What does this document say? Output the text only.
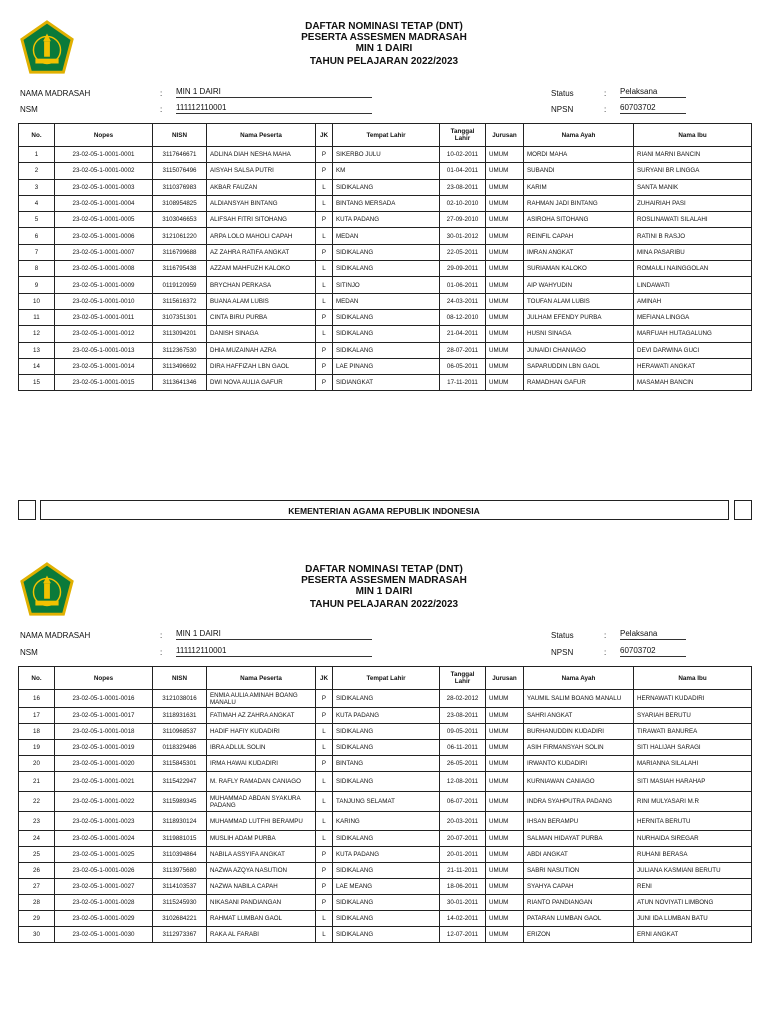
DAFTAR NOMINASI TETAP (DNT)
PESERTA ASSESMEN MADRASAH
MIN 1 DAIRI
TAHUN PELAJARAN 2022/2023
NAMA MADRASAH	: MIN 1 DAIRI
NSM	: 111112110001
Status	: Pelaksana
NPSN	: 60703702
No.	Nopes	NISN	Nama Peserta	JK	Tempat Lahir	Tanggal Lahir	Jurusan	Nama Ayah	Nama Ibu
1	23-02-05-1-0001-0001	3117646671	ADLINA DIAH NESHA MAHA	P	SIKERBO JULU	10-02-2011	UMUM	MORDI MAHA	RIANI MARNI BANCIN
2	23-02-05-1-0001-0002	3115076496	AISYAH SALSA PUTRI	P	KM	01-04-2011	UMUM	SUBANDI	SURYANI BR LINGGA
3	23-02-05-1-0001-0003	3110376983	AKBAR FAUZAN	L	SIDIKALANG	23-08-2011	UMUM	KARIM	SANTA MANIK
4	23-02-05-1-0001-0004	3108954825	ALDIANSYAH BINTANG	L	BINTANG MERSADA	02-10-2010	UMUM	RAHMAN JADI BINTANG	ZUHAIRIAH PASI
5	23-02-05-1-0001-0005	3103046653	ALIFSAH FITRI SITOHANG	P	KUTA PADANG	27-09-2010	UMUM	ASIROHA SITOHANG	ROSLINAWATI SILALAHI
6	23-02-05-1-0001-0006	3121061220	ARPA LOLO MAHOLI CAPAH	L	MEDAN	30-01-2012	UMUM	REINFIL CAPAH	RATINI B RASJO
7	23-02-05-1-0001-0007	3116799688	AZ ZAHRA RATIFA ANGKAT	P	SIDIKALANG	22-05-2011	UMUM	IMRAN ANGKAT	MINA PASARIBU
8	23-02-05-1-0001-0008	3116795438	AZZAM MAHFUZH KALOKO	L	SIDIKALANG	29-09-2011	UMUM	SURIAMAN KALOKO	ROMAULI NAINGGOLAN
9	23-02-05-1-0001-0009	0119120959	BRYCHAN PERKASA	L	SITINJO	01-06-2011	UMUM	AIP WAHYUDIN	LINDAWATI
10	23-02-05-1-0001-0010	3115616372	BUANA ALAM LUBIS	L	MEDAN	24-03-2011	UMUM	TOUFAN ALAM LUBIS	AMINAH
11	23-02-05-1-0001-0011	3107351301	CINTA BIRU PURBA	P	SIDIKALANG	08-12-2010	UMUM	JULHAM EFENDY PURBA	MEFIANA LINGGA
12	23-02-05-1-0001-0012	3113094201	DANISH SINAGA	L	SIDIKALANG	21-04-2011	UMUM	HUSNI SINAGA	MARFUAH HUTAGALUNG
13	23-02-05-1-0001-0013	3112367530	DHIA MUZAINAH AZRA	P	SIDIKALANG	28-07-2011	UMUM	JUNAIDI CHANIAGO	DEVI DARWINA GUCI
14	23-02-05-1-0001-0014	3113496692	DIRA HAFFIZAH LBN GAOL	P	LAE PINANG	06-05-2011	UMUM	SAPARUDDIN LBN GAOL	HERAWATI ANGKAT
15	23-02-05-1-0001-0015	3113641346	DWI NOVA AULIA GAFUR	P	SIDIANGKAT	17-11-2011	UMUM	RAMADHAN GAFUR	MASAMAH BANCIN
KEMENTERIAN AGAMA REPUBLIK INDONESIA
DAFTAR NOMINASI TETAP (DNT)
PESERTA ASSESMEN MADRASAH
MIN 1 DAIRI
TAHUN PELAJARAN 2022/2023
NAMA MADRASAH	: MIN 1 DAIRI
NSM	: 111112110001
Status	: Pelaksana
NPSN	: 60703702
No.	Nopes	NISN	Nama Peserta	JK	Tempat Lahir	Tanggal Lahir	Jurusan	Nama Ayah	Nama Ibu
16	23-02-05-1-0001-0016	3121038016	ENMIA AULIA AMINAH BOANG MANALU	P	SIDIKALANG	28-02-2012	UMUM	YAUMIL SALIM BOANG MANALU	HERNAWATI KUDADIRI
17	23-02-05-1-0001-0017	3118931631	FATIMAH AZ ZAHRA ANGKAT	P	KUTA PADANG	23-08-2011	UMUM	SAHRI ANGKAT	SYARIAH BERUTU
18	23-02-05-1-0001-0018	3110968537	HADIF HAFIY KUDADIRI	L	SIDIKALANG	09-05-2011	UMUM	BURHANUDDIN KUDADIRI	TIRAWATI BANUREA
19	23-02-05-1-0001-0019	0118329486	IBRA ADLUL SOLIN	L	SIDIKALANG	06-11-2011	UMUM	ASIH FIRMANSYAH SOLIN	SITI HALIJAH SARAGI
20	23-02-05-1-0001-0020	3115845301	IRMA HAWAI KUDADIRI	P	BINTANG	26-05-2011	UMUM	IRWANTO KUDADIRI	MARIANNA SILALAHI
21	23-02-05-1-0001-0021	3115422947	M. RAFLY RAMADAN CANIAGO	L	SIDIKALANG	12-08-2011	UMUM	KURNIAWAN CANIAGO	SITI MASIAH HARAHAP
22	23-02-05-1-0001-0022	3115989345	MUHAMMAD ABDAN SYAKURA PADANG	L	TANJUNG SELAMAT	06-07-2011	UMUM	INDRA SYAHPUTRA PADANG	RINI MULYASARI M.R
23	23-02-05-1-0001-0023	3118930124	MUHAMMAD LUTFHI BERAMPU	L	KARING	20-03-2011	UMUM	IHSAN BERAMPU	HERNITA BERUTU
24	23-02-05-1-0001-0024	3119881015	MUSLIH ADAM PURBA	L	SIDIKALANG	20-07-2011	UMUM	SALMAN HIDAYAT PURBA	NURHAIDA SIREGAR
25	23-02-05-1-0001-0025	3110394864	NABILA ASSYIFA ANGKAT	P	KUTA PADANG	20-01-2011	UMUM	ABDI ANGKAT	RUHANI BERASA
26	23-02-05-1-0001-0026	3113975680	NAZWA AZQYA NASUTION	P	SIDIKALANG	21-11-2011	UMUM	SABRI NASUTION	JULIANA KASMIANI BERUTU
27	23-02-05-1-0001-0027	3114103537	NAZWA NABILA CAPAH	P	LAE MEANG	18-06-2011	UMUM	SYAHYA CAPAH	RENI
28	23-02-05-1-0001-0028	3115245930	NIKASANI PANDIANGAN	P	SIDIKALANG	30-01-2011	UMUM	RIANTO PANDIANGAN	ATUN NOVIYATI LIMBONG
29	23-02-05-1-0001-0029	3102684221	RAHMAT LUMBAN GAOL	L	SIDIKALANG	14-02-2011	UMUM	PATARAN LUMBAN GAOL	JUNI IDA LUMBAN BATU
30	23-02-05-1-0001-0030	3112973367	RAKA AL FARABI	L	SIDIKALANG	12-07-2011	UMUM	ERIZON	ERNI ANGKAT
